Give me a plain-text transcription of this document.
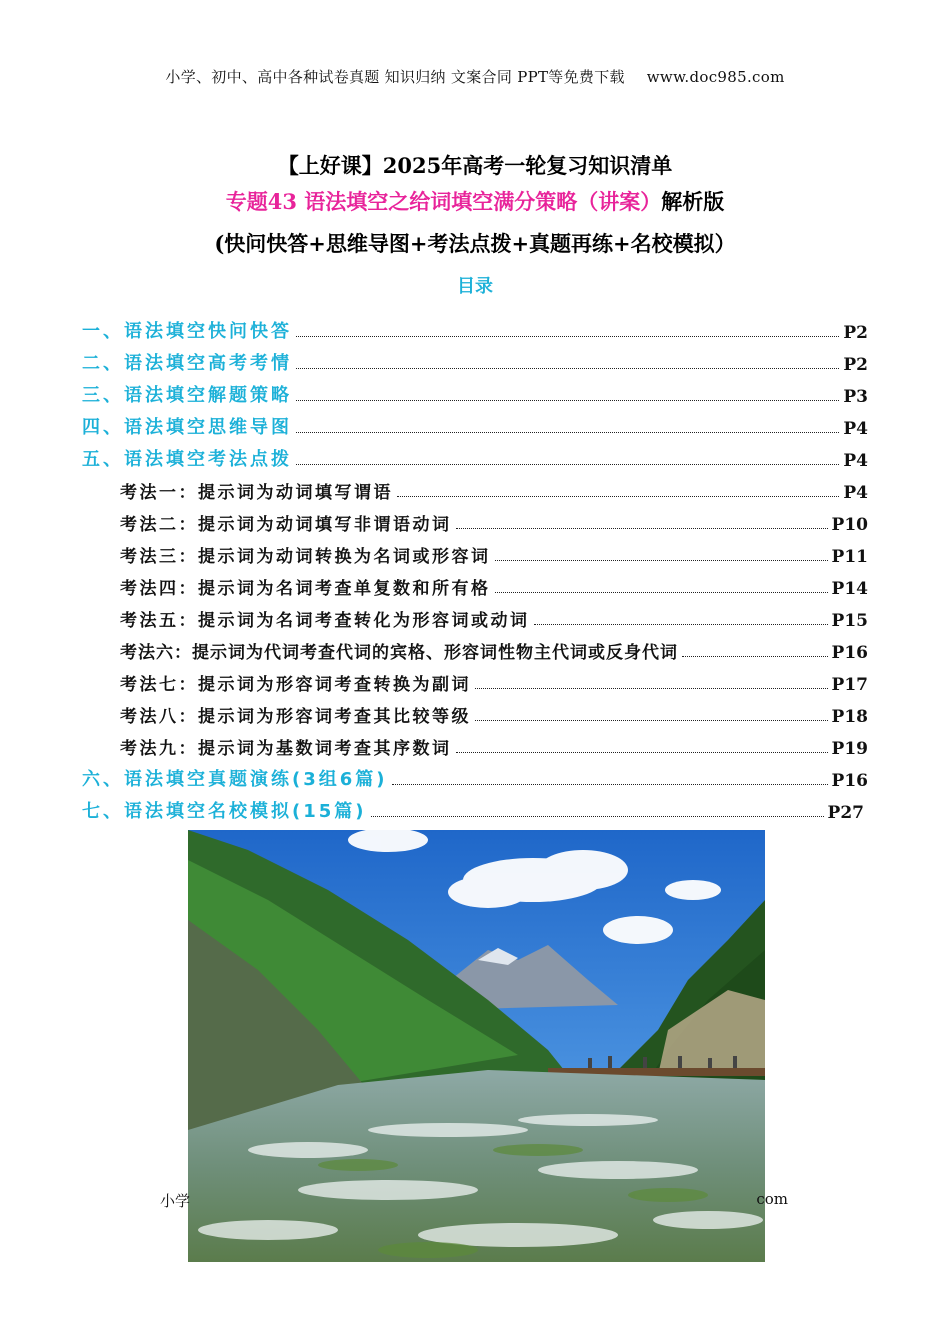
小学、初中、高中各种试卷真题 知识归纳 文案合同 PPT等免费下载 www.doc985.com
【上好课】2025年高考一轮复习知识清单
专题43 语法填空之给词填空满分策略（讲案）解析版
(快问快答+思维导图+考法点拨+真题再练+名校模拟）
目录
一、语法填空快问快答	P2
二、语法填空高考考情	P2
三、语法填空解题策略	P3
四、语法填空思维导图	P4
五、语法填空考法点拨	P4
考法一：提示词为动词填写谓语	P4
考法二：提示词为动词填写非谓语动词	P10
考法三：提示词为动词转换为名词或形容词	P11
考法四：提示词为名词考查单复数和所有格	P14
考法五：提示词为名词考查转化为形容词或动词	P15
考法六：提示词为代词考查代词的宾格、形容词性物主代词或反身代词	P16
考法七：提示词为形容词考查转换为副词	P17
考法八：提示词为形容词考查其比较等级	P18
考法九：提示词为基数词考查其序数词	P19
六、语法填空真题演练(3组6篇)	P16
七、语法填空名校模拟(15篇)	P27
小学	com
